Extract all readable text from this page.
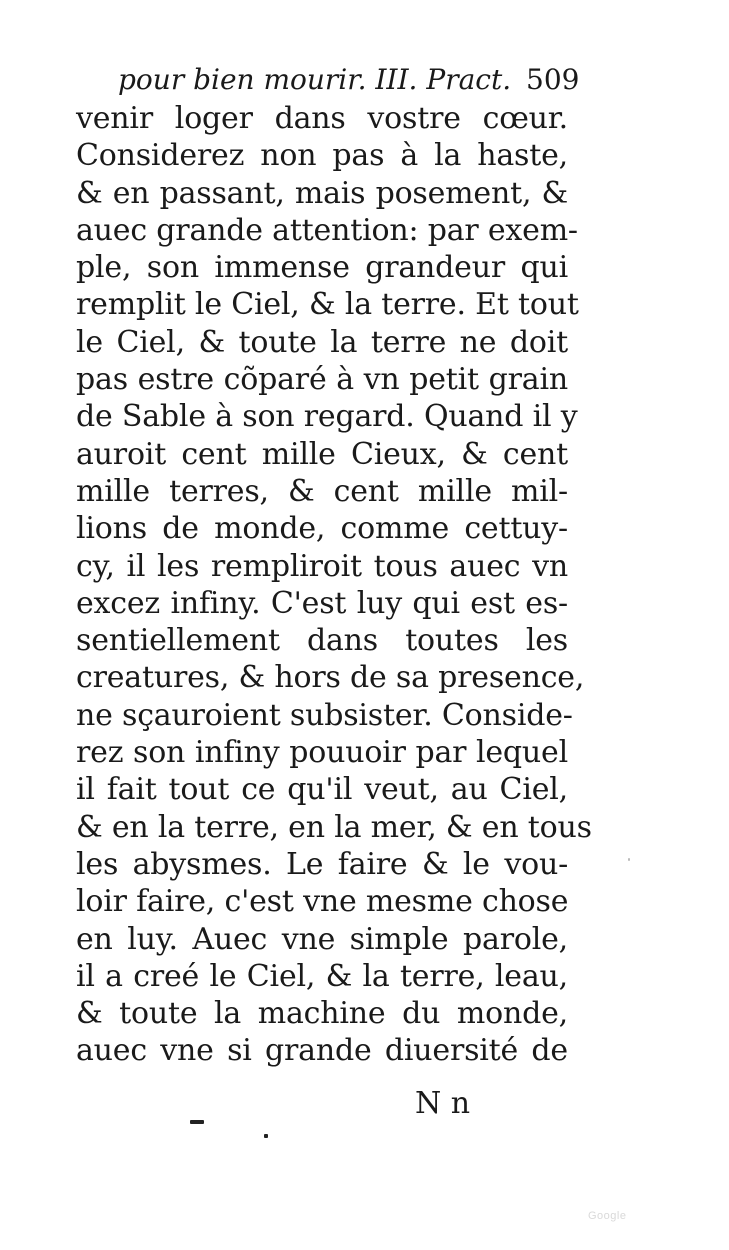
pour bien mourir. III. Pract. 509
venir loger dans vostre cœur.
Considerez non pas à la haste,
& en passant, mais posement, &
auec grande attention: par exem-
ple, son immense grandeur qui
remplit le Ciel, & la terre. Et tout
le Ciel, & toute la terre ne doit
pas estre cõparé à vn petit grain
de Sable à son regard. Quand il y
auroit cent mille Cieux, & cent
mille terres, & cent mille mil-
lions de monde, comme cettuy-
cy, il les rempliroit tous auec vn
excez infiny. C'est luy qui est es-
sentiellement dans toutes les
creatures, & hors de sa presence,
ne sçauroient subsister. Conside-
rez son infiny pouuoir par lequel
il fait tout ce qu'il veut, au Ciel,
& en la terre, en la mer, & en tous
les abysmes. Le faire & le vou-
loir faire, c'est vne mesme chose
en luy. Auec vne simple parole,
il a creé le Ciel, & la terre, leau,
& toute la machine du monde,
auec vne si grande diuersité de
N n
Google
